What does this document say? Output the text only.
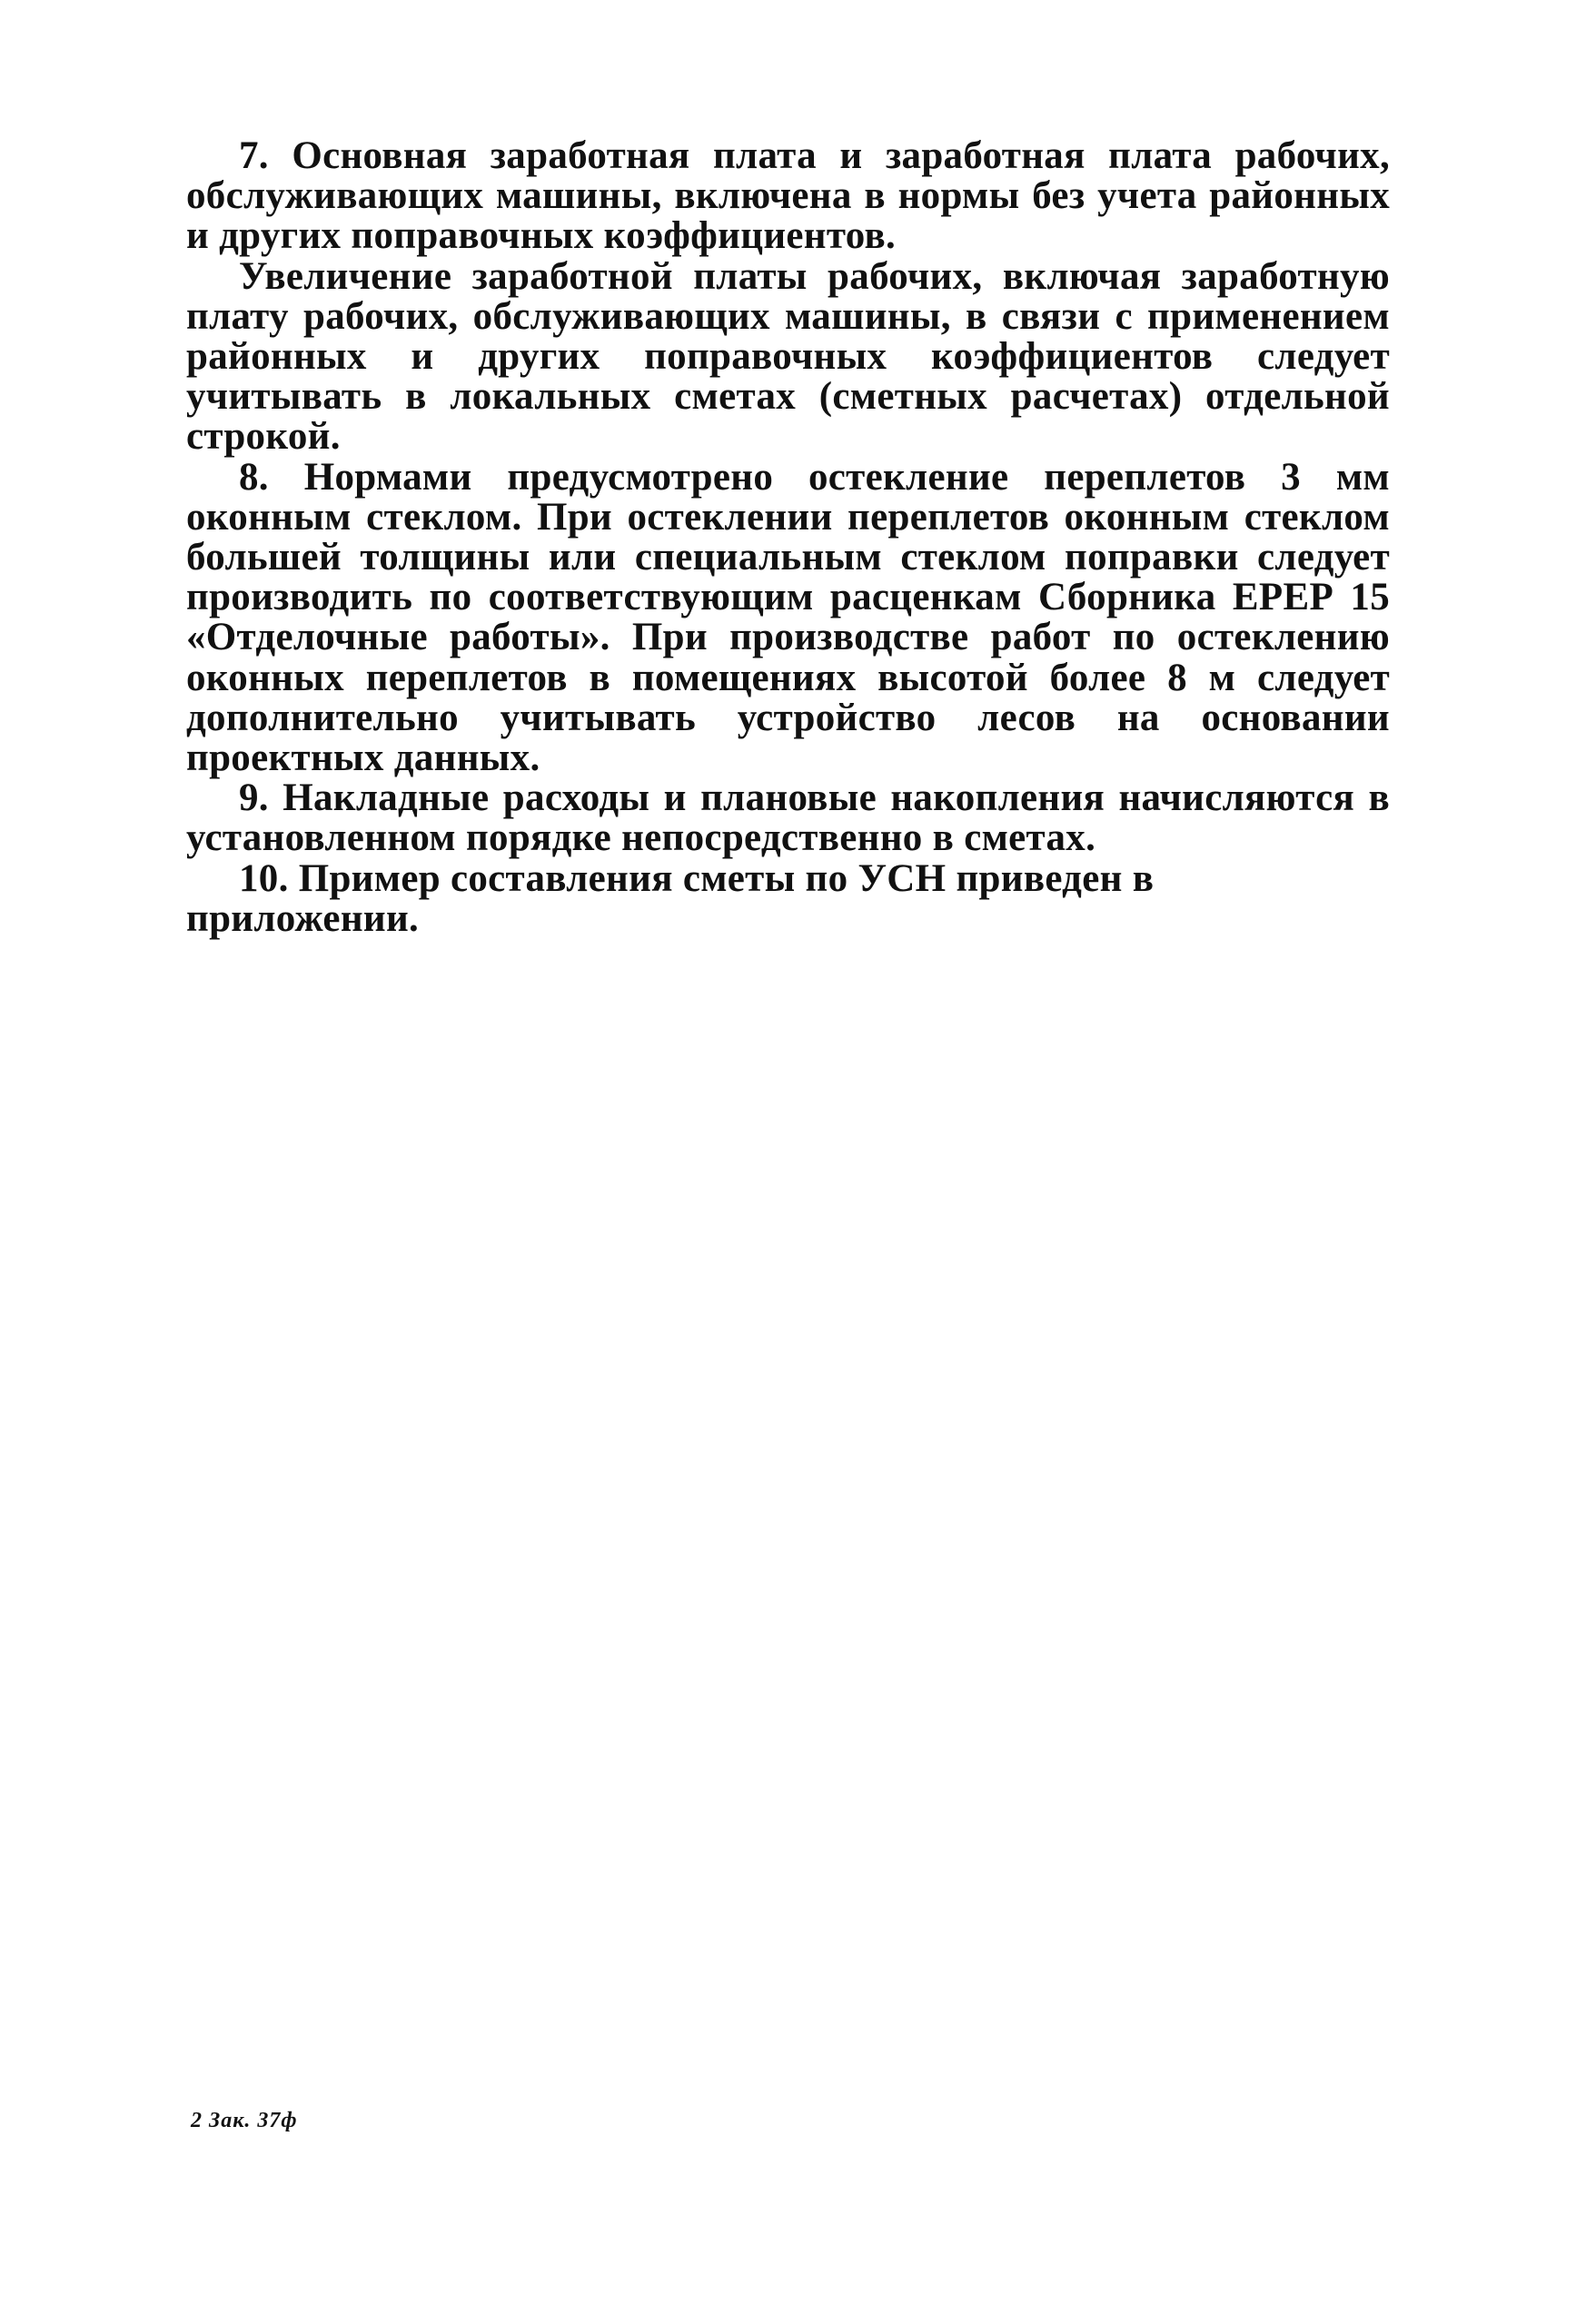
7. Основная заработная плата и заработная плата рабочих, обслуживающих машины, включена в нормы без учета районных и других поправочных коэффициентов.

Увеличение заработной платы рабочих, включая заработную плату рабочих, обслуживающих машины, в связи с применением районных и других поправочных коэффициентов следует учитывать в локальных сметах (сметных расчетах) отдельной строкой.

8. Нормами предусмотрено остекление переплетов 3 мм оконным стеклом. При остеклении переплетов оконным стеклом большей толщины или специальным стеклом поправки следует производить по соответствующим расценкам Сборника ЕРЕР 15 «Отделочные работы». При производстве работ по остеклению оконных переплетов в помещениях высотой более 8 м следует дополнительно учитывать устройство лесов на основании проектных данных.

9. Накладные расходы и плановые накопления начисляются в установленном порядке непосредственно в сметах.

10. Пример составления сметы по УСН приведен в приложении.

2 Зак. 37ф
